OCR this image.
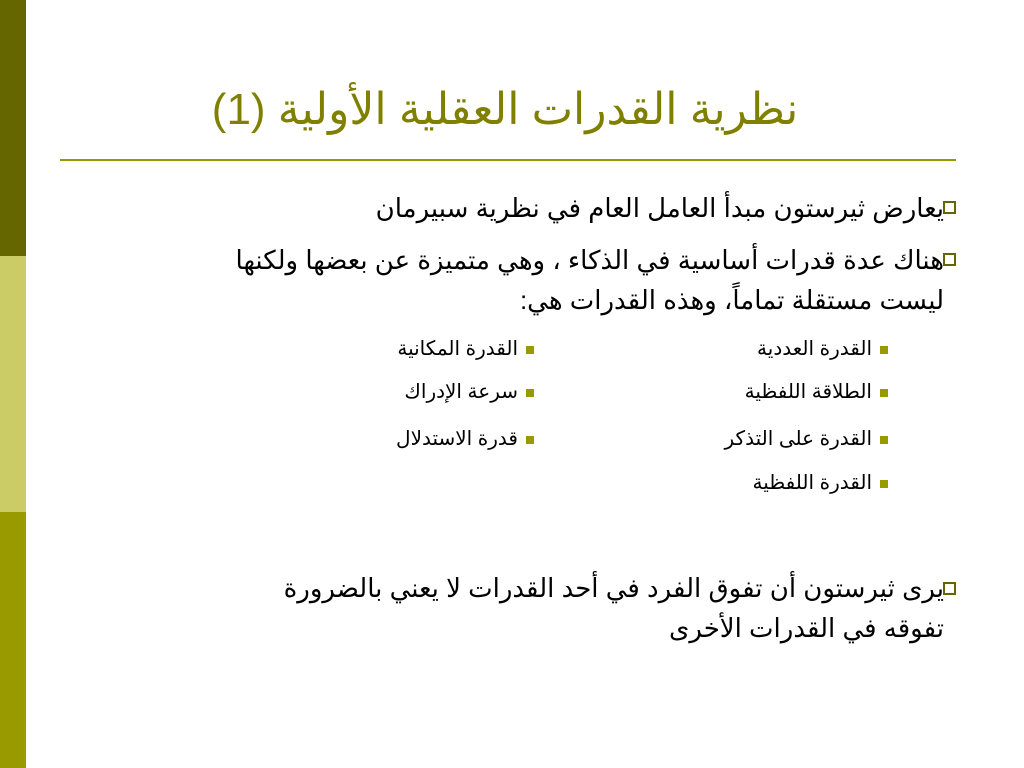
نظرية القدرات العقلية الأولية (1)
يعارض ثيرستون مبدأ العامل العام في نظرية سبيرمان
هناك عدة قدرات أساسية في الذكاء ، وهي متميزة عن بعضها ولكنها
ليست مستقلة تماماً، وهذه القدرات هي:
القدرة العددية
الطلاقة اللفظية
القدرة على التذكر
القدرة اللفظية
القدرة المكانية
سرعة الإدراك
قدرة الاستدلال
يرى ثيرستون أن تفوق الفرد في أحد القدرات لا يعني بالضرورة
تفوقه في القدرات الأخرى
